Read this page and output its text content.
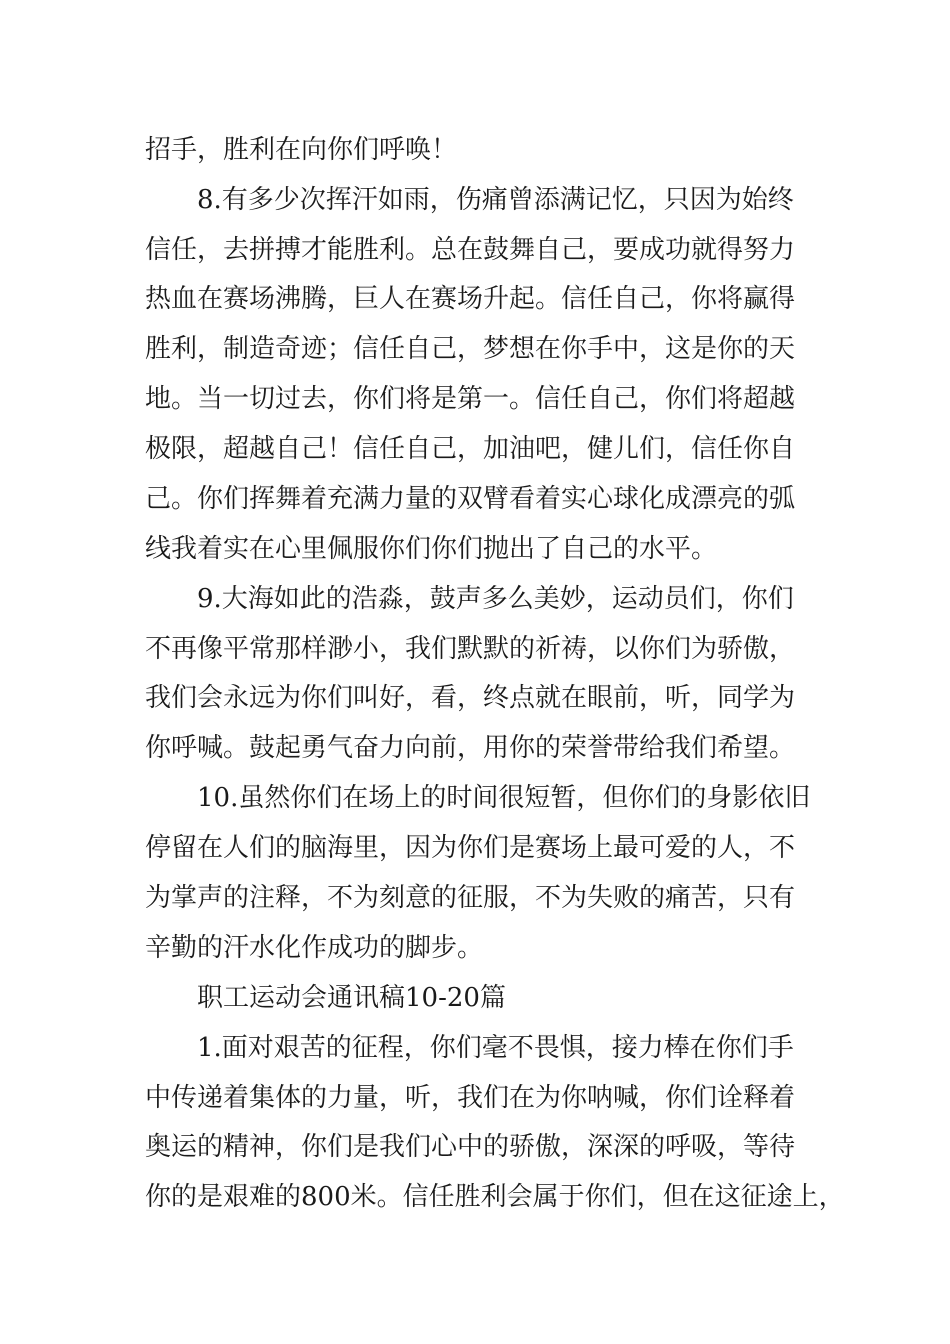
招手，胜利在向你们呼唤！
8.有多少次挥汗如雨，伤痛曾添满记忆，只因为始终
信任，去拼搏才能胜利。总在鼓舞自己，要成功就得努力
热血在赛场沸腾，巨人在赛场升起。信任自己，你将赢得
胜利，制造奇迹；信任自己，梦想在你手中，这是你的天
地。当一切过去，你们将是第一。信任自己，你们将超越
极限，超越自己！信任自己，加油吧，健儿们，信任你自
己。你们挥舞着充满力量的双臂看着实心球化成漂亮的弧
线我着实在心里佩服你们你们抛出了自己的水平。
9.大海如此的浩淼，鼓声多么美妙，运动员们，你们
不再像平常那样渺小，我们默默的祈祷，以你们为骄傲，
我们会永远为你们叫好，看，终点就在眼前，听，同学为
你呼喊。鼓起勇气奋力向前，用你的荣誉带给我们希望。
10.虽然你们在场上的时间很短暂，但你们的身影依旧
停留在人们的脑海里，因为你们是赛场上最可爱的人，不
为掌声的注释，不为刻意的征服，不为失败的痛苦，只有
辛勤的汗水化作成功的脚步。
职工运动会通讯稿10-20篇
1.面对艰苦的征程，你们毫不畏惧，接力棒在你们手
中传递着集体的力量，听，我们在为你呐喊，你们诠释着
奥运的精神，你们是我们心中的骄傲，深深的呼吸，等待
你的是艰难的800米。信任胜利会属于你们，但在这征途上，
